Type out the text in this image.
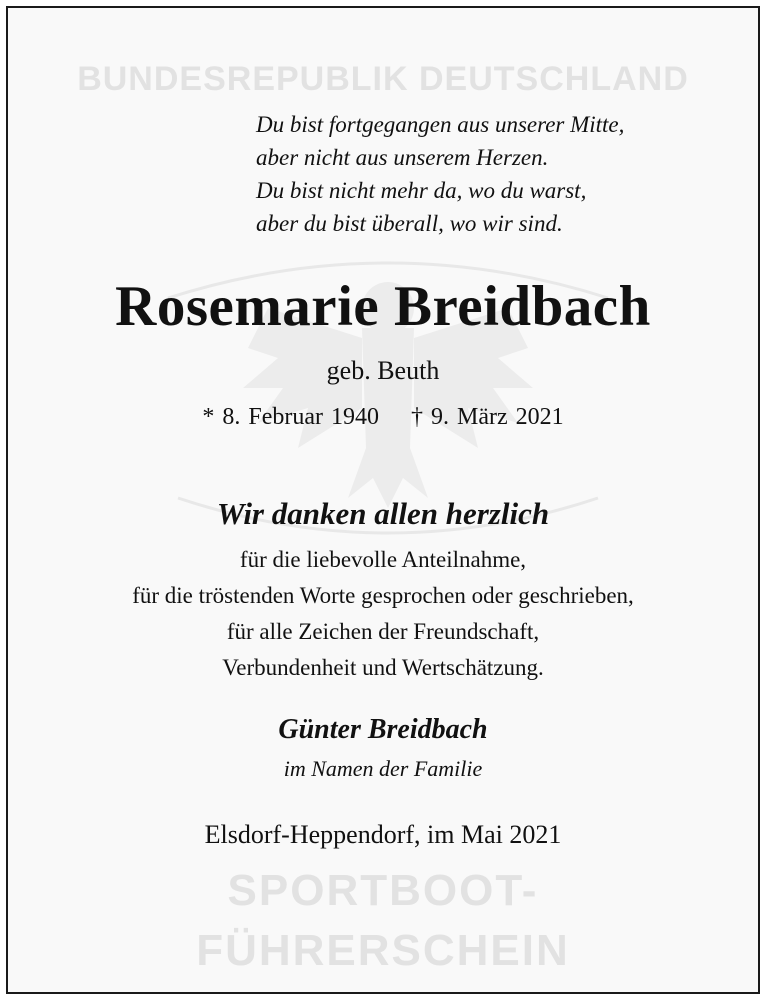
BUNDESREPUBLIK DEUTSCHLAND
Du bist fortgegangen aus unserer Mitte,
aber nicht aus unserem Herzen.
Du bist nicht mehr da, wo du warst,
aber du bist überall, wo wir sind.
Rosemarie Breidbach
geb. Beuth
* 8. Februar 1940 † 9. März 2021
Wir danken allen herzlich
für die liebevolle Anteilnahme,
für die tröstenden Worte gesprochen oder geschrieben,
für alle Zeichen der Freundschaft,
Verbundenheit und Wertschätzung.
Günter Breidbach
im Namen der Familie
Elsdorf-Heppendorf, im Mai 2021
SPORTBOOT-
FÜHRERSCHEIN
